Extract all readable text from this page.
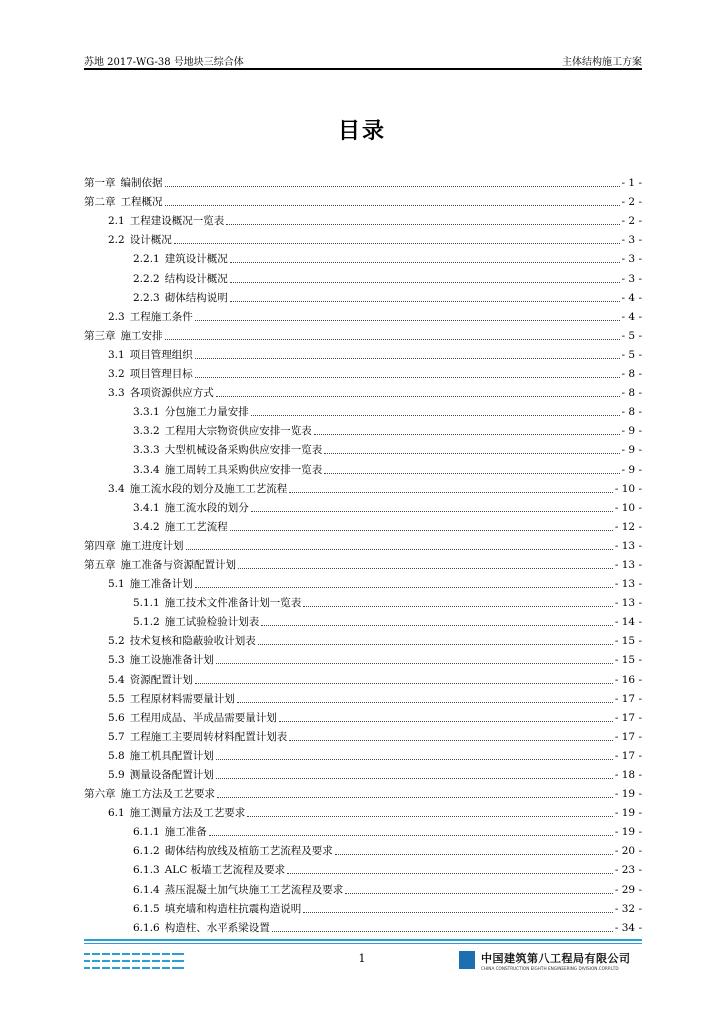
苏地 2017-WG-38 号地块三综合体	主体结构施工方案
目录
第一章 编制依据	- 1 -
第二章 工程概况	- 2 -
2.1 工程建设概况一览表	- 2 -
2.2 设计概况	- 3 -
2.2.1 建筑设计概况	- 3 -
2.2.2 结构设计概况	- 3 -
2.2.3 砌体结构说明	- 4 -
2.3 工程施工条件	- 4 -
第三章 施工安排	- 5 -
3.1 项目管理组织	- 5 -
3.2 项目管理目标	- 8 -
3.3 各项资源供应方式	- 8 -
3.3.1 分包施工力量安排	- 8 -
3.3.2 工程用大宗物资供应安排一览表	- 9 -
3.3.3 大型机械设备采购供应安排一览表	- 9 -
3.3.4 施工周转工具采购供应安排一览表	- 9 -
3.4 施工流水段的划分及施工工艺流程	- 10 -
3.4.1 施工流水段的划分	- 10 -
3.4.2 施工工艺流程	- 12 -
第四章 施工进度计划	- 13 -
第五章 施工准备与资源配置计划	- 13 -
5.1 施工准备计划	- 13 -
5.1.1 施工技术文件准备计划一览表	- 13 -
5.1.2 施工试验检验计划表	- 14 -
5.2 技术复核和隐蔽验收计划表	- 15 -
5.3 施工设施准备计划	- 15 -
5.4 资源配置计划	- 16 -
5.5 工程原材料需要量计划	- 17 -
5.6 工程用成品、半成品需要量计划	- 17 -
5.7 工程施工主要周转材料配置计划表	- 17 -
5.8 施工机具配置计划	- 17 -
5.9 测量设备配置计划	- 18 -
第六章 施工方法及工艺要求	- 19 -
6.1 施工测量方法及工艺要求	- 19 -
6.1.1 施工准备	- 19 -
6.1.2 砌体结构放线及植筋工艺流程及要求	- 20 -
6.1.3 ALC 板墙工艺流程及要求	- 23 -
6.1.4 蒸压混凝土加气块施工工艺流程及要求	- 29 -
6.1.5 填充墙和构造柱抗震构造说明	- 32 -
6.1.6 构造柱、水平系梁设置	- 34 -
1	中国建筑第八工程局有限公司
CHINA CONSTRUCTION EIGHTH ENGINEERING DIVISION.CORP.LTD
